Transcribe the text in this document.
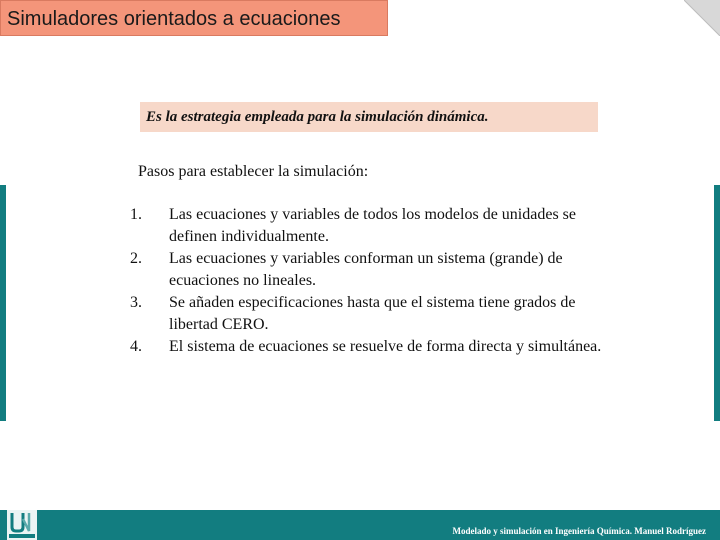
Simuladores orientados a ecuaciones
Es la estrategia empleada para la simulación dinámica.
Pasos para establecer la simulación:
1.	Las ecuaciones y variables de todos los modelos de unidades se definen individualmente.
2.	Las ecuaciones y variables conforman un sistema (grande) de ecuaciones no lineales.
3.	Se añaden especificaciones hasta que el sistema tiene grados de libertad CERO.
4.	El sistema de ecuaciones se resuelve de forma directa y simultánea.
Modelado y simulación en Ingeniería Química. Manuel Rodríguez
